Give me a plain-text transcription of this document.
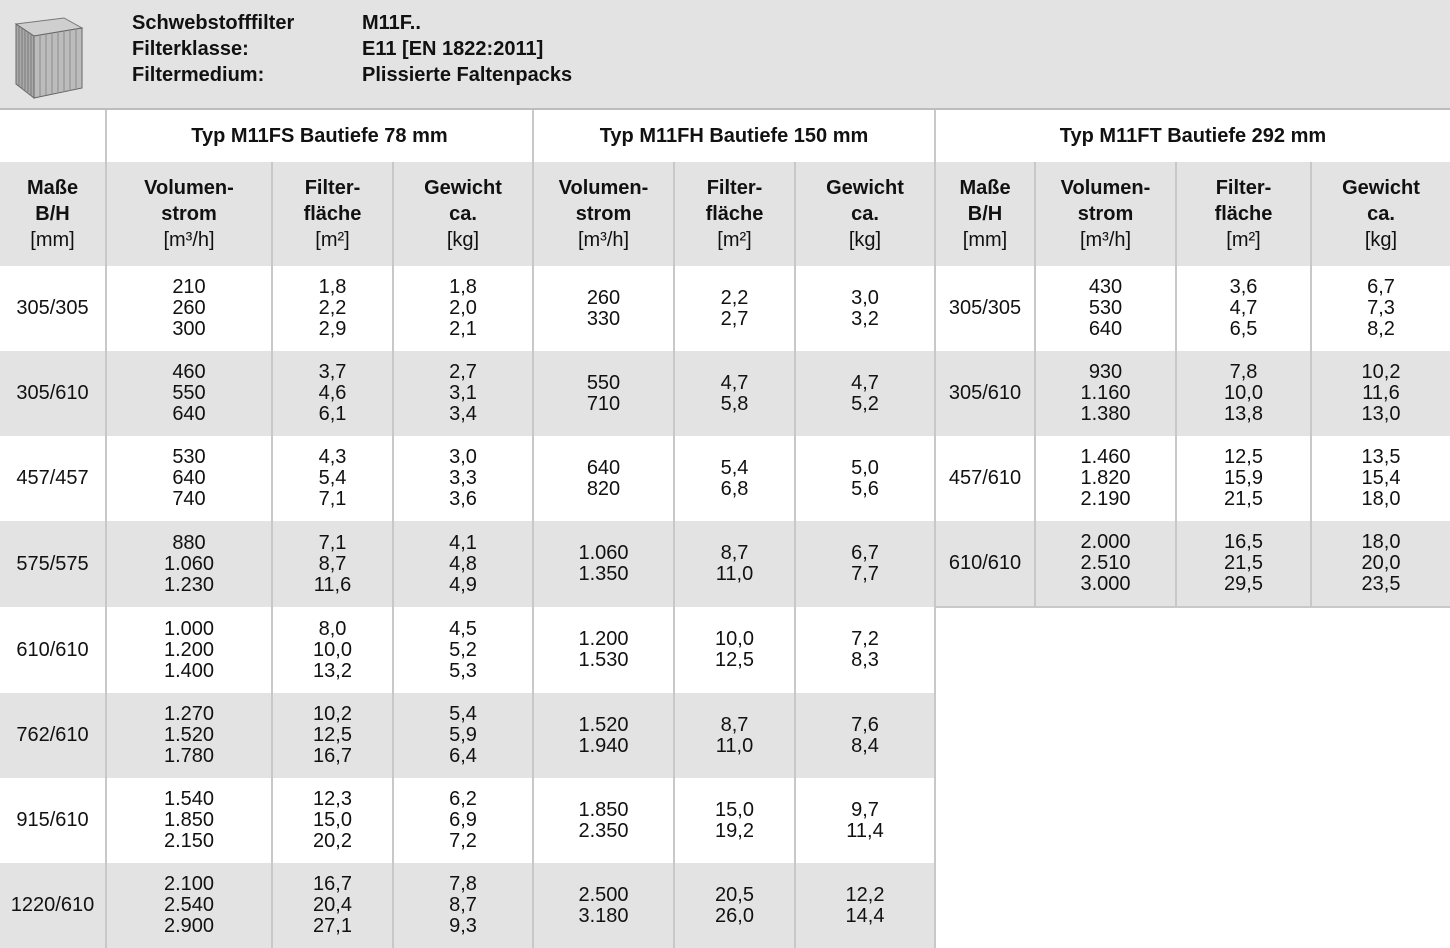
Schwebstofffilter	M11F..
Filterklasse:	E11 [EN 1822:2011]
Filtermedium:	Plissierte Faltenpacks
	Typ M11FS Bautiefe 78 mm			Typ M11FH Bautiefe 150 mm			Typ M11FT Bautiefe 292 mm			

Maße
B/H
[mm]	Volumen-
strom
[m³/h]	Filter-
fläche
[m²]	Gewicht
ca.
[kg]	Volumen-
strom
[m³/h]	Filter-
fläche
[m²]	Gewicht
ca.
[kg]	Maße
B/H
[mm]	Volumen-
strom
[m³/h]	Filter-
fläche
[m²]	Gewicht
ca.
[kg]

305/305	210
260
300	1,8
2,2
2,9	1,8
2,0
2,1	260
330	2,2
2,7	3,0
3,2	305/305	430
530
640	3,6
4,7
6,5	6,7
7,3
8,2

305/610	460
550
640	3,7
4,6
6,1	2,7
3,1
3,4	550
710	4,7
5,8	4,7
5,2	305/610	930
1.160
1.380	7,8
10,0
13,8	10,2
11,6
13,0

457/457	530
640
740	4,3
5,4
7,1	3,0
3,3
3,6	640
820	5,4
6,8	5,0
5,6	457/610	1.460
1.820
2.190	12,5
15,9
21,5	13,5
15,4
18,0

575/575	880
1.060
1.230	7,1
8,7
11,6	4,1
4,8
4,9	1.060
1.350	8,7
11,0	6,7
7,7	610/610	2.000
2.510
3.000	16,5
21,5
29,5	18,0
20,0
23,5

610/610	1.000
1.200
1.400	8,0
10,0
13,2	4,5
5,2
5,3	1.200
1.530	10,0
12,5	7,2
8,3				

762/610	1.270
1.520
1.780	10,2
12,5
16,7	5,4
5,9
6,4	1.520
1.940	8,7
11,0	7,6
8,4				

915/610	1.540
1.850
2.150	12,3
15,0
20,2	6,2
6,9
7,2	1.850
2.350	15,0
19,2	9,7
11,4				

1220/610	2.100
2.540
2.900	16,7
20,4
27,1	7,8
8,7
9,3	2.500
3.180	20,5
26,0	12,2
14,4				
